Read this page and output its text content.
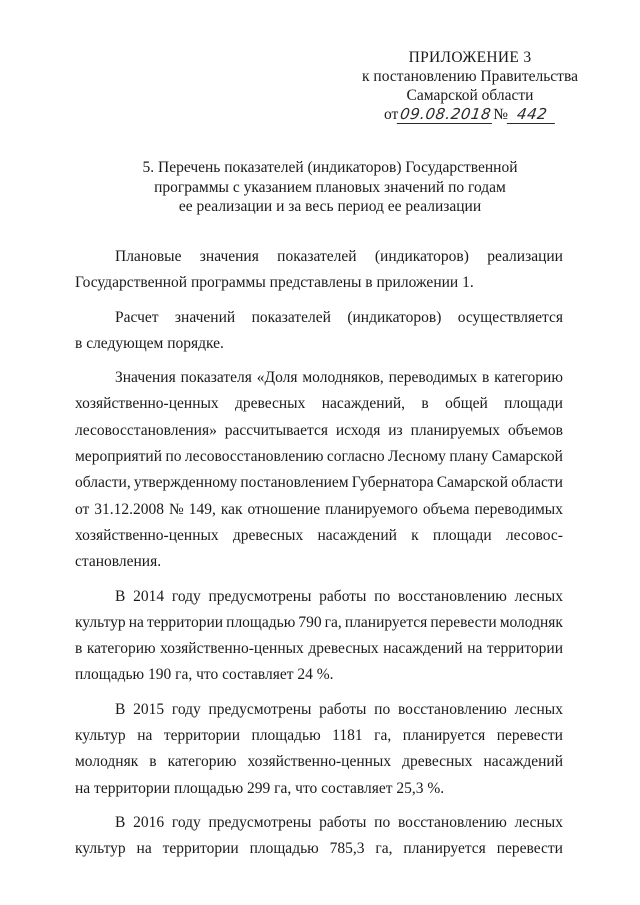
ПРИЛОЖЕНИЕ 3
к постановлению Правительства
Самарской области
от09.08.2018№ 442
5. Перечень показателей (индикаторов) Государственной
программы с указанием плановых значений по годам
ее реализации и за весь период ее реализации
Плановые значения показателей (индикаторов) реализации
Государственной программы представлены в приложении 1.
Расчет значений показателей (индикаторов) осуществляется
в следующем порядке.
Значения показателя «Доля молодняков, переводимых в категорию
хозяйственно-ценных древесных насаждений, в общей площади
лесовосстановления» рассчитывается исходя из планируемых объемов
мероприятий по лесовосстановлению согласно Лесному плану Самарской
области, утвержденному постановлением Губернатора Самарской области
от 31.12.2008 № 149, как отношение планируемого объема переводимых
хозяйственно-ценных древесных насаждений к площади лесовос-
становления.
В 2014 году предусмотрены работы по восстановлению лесных
культур на территории площадью 790 га, планируется перевести молодняк
в категорию хозяйственно-ценных древесных насаждений на территории
площадью 190 га, что составляет 24 %.
В 2015 году предусмотрены работы по восстановлению лесных
культур на территории площадью 1181 га, планируется перевести
молодняк в категорию хозяйственно-ценных древесных насаждений
на территории площадью 299 га, что составляет 25,3 %.
В 2016 году предусмотрены работы по восстановлению лесных
культур на территории площадью 785,3 га, планируется перевести
